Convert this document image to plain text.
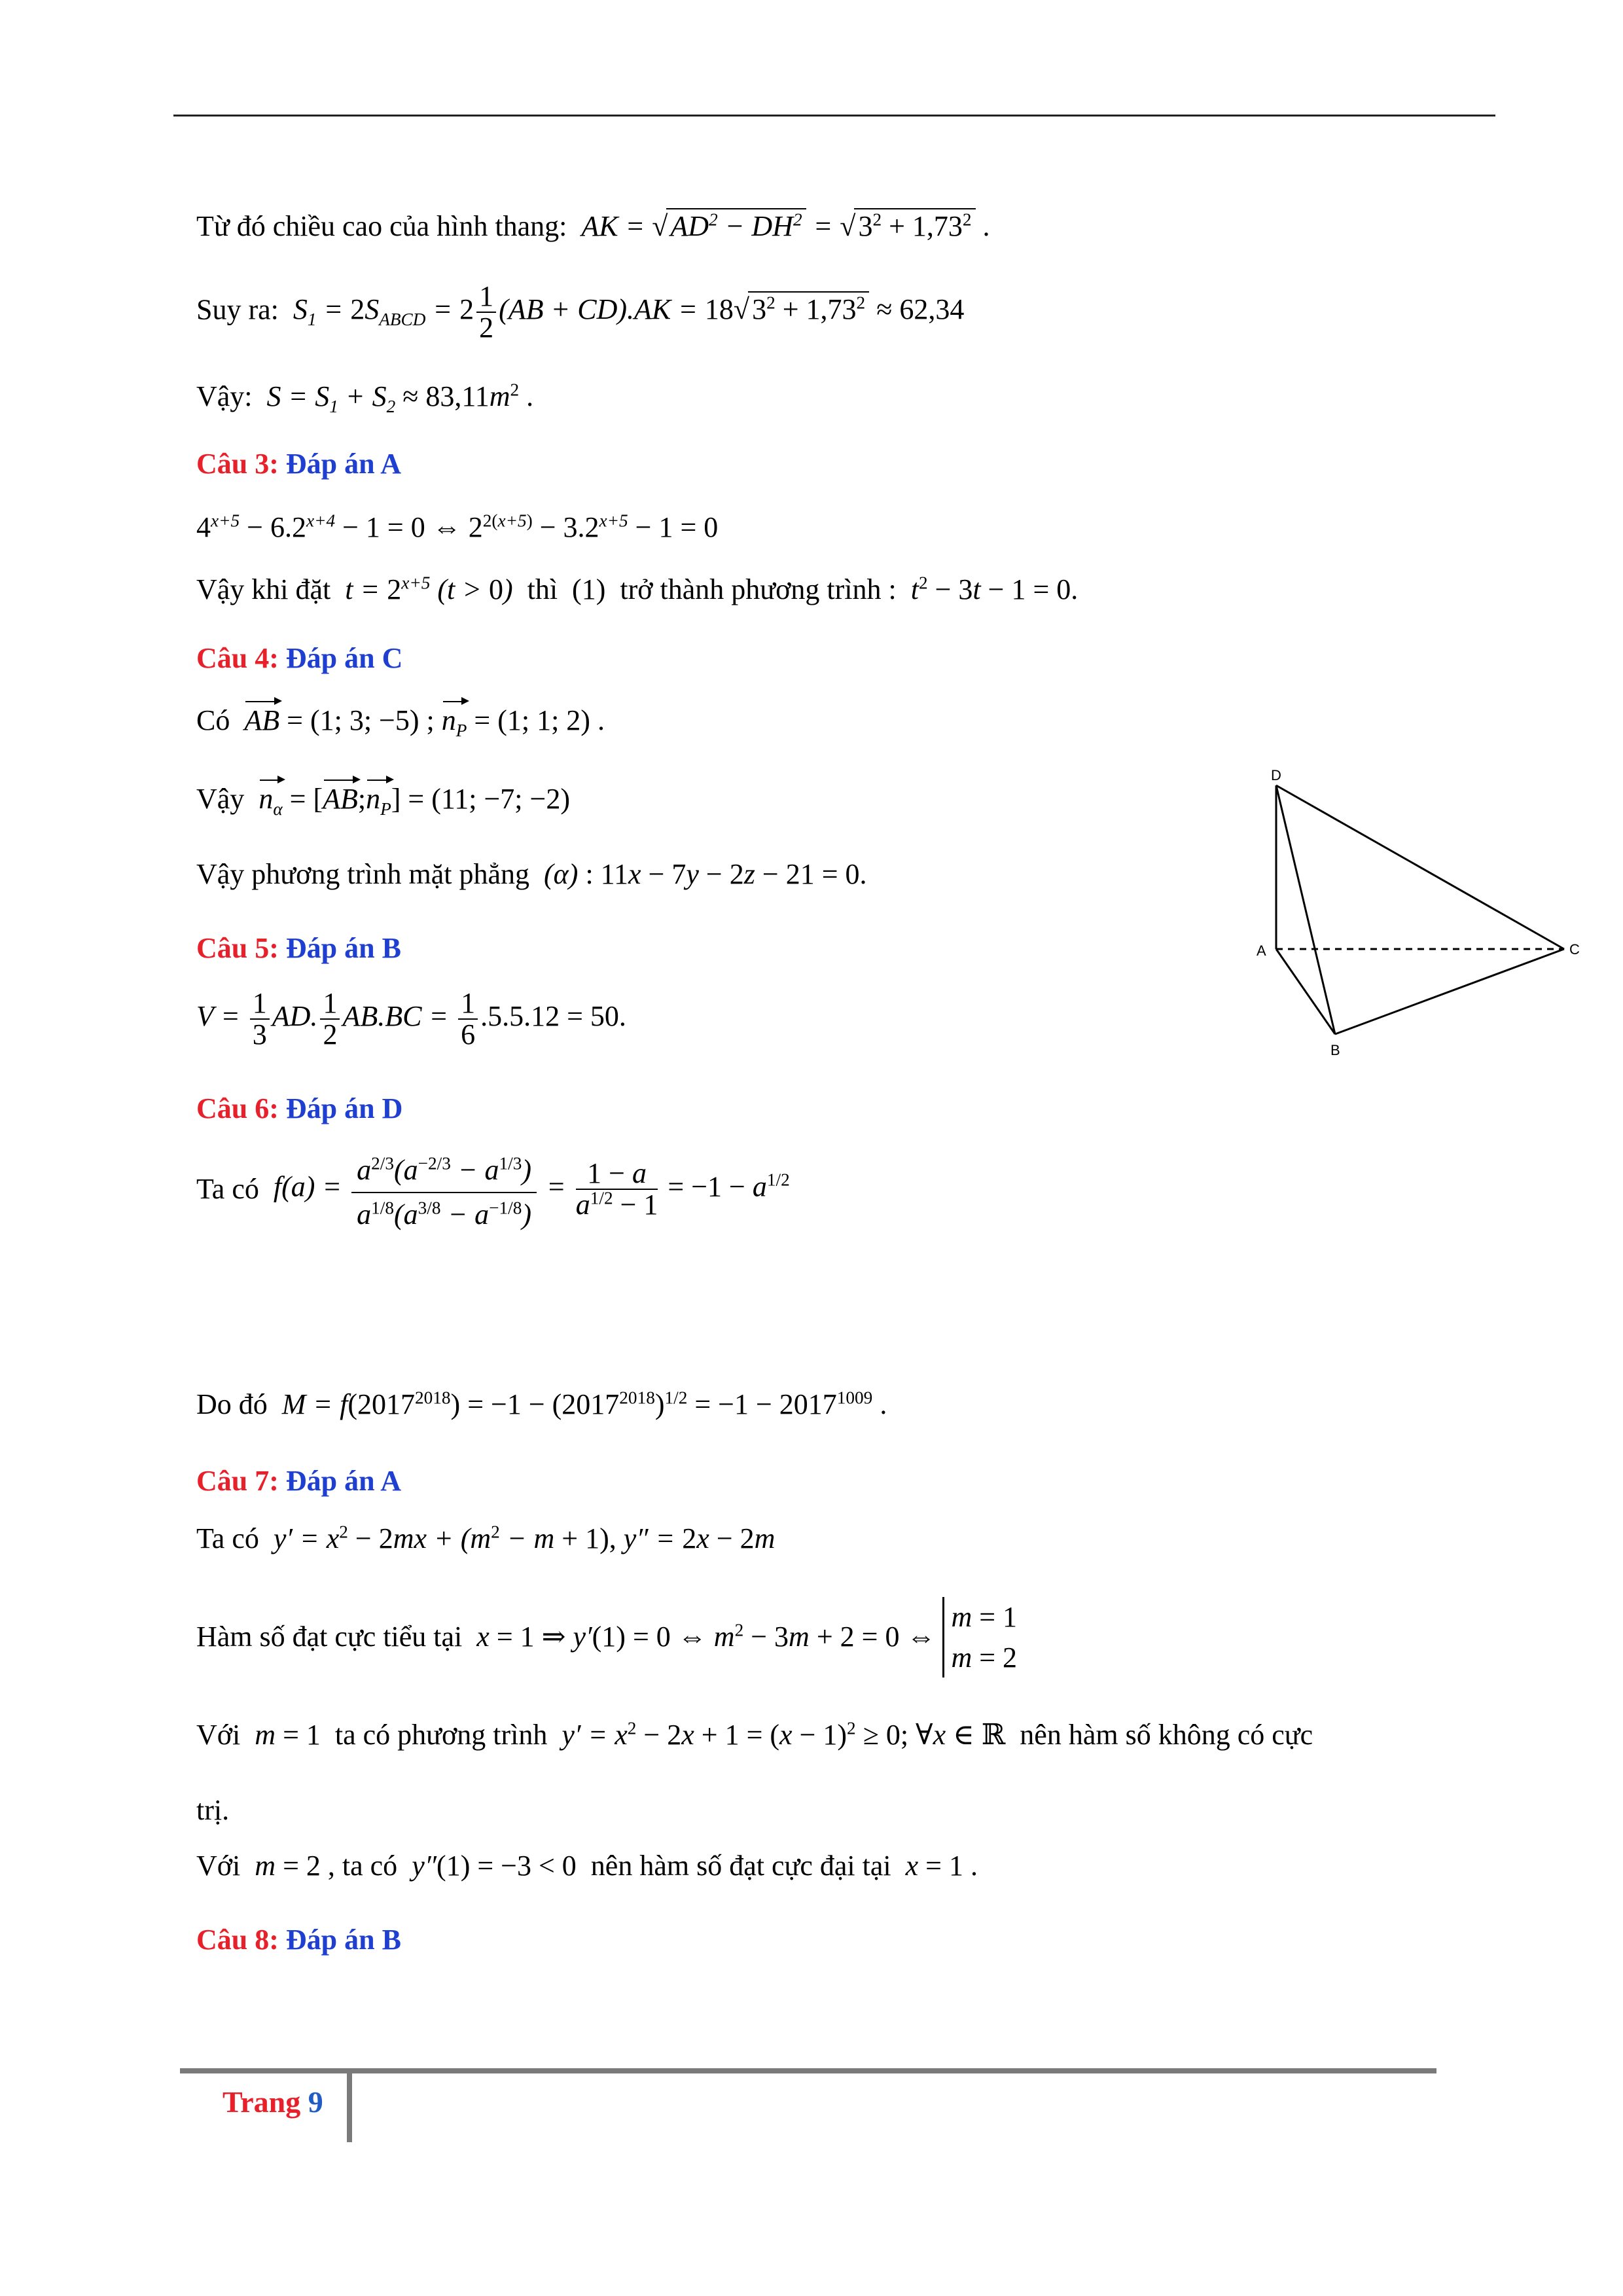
Từ đó chiều cao của hình thang:  AK = $√AD^2 - DH^2 = √3^2 + 1,73^2$ .
Suy ra:  $S_1 = 2S_{ABCD} = 2 \frac{1}{2} (AB + CD).AK = 18√3^2 + 1,73^2 \approx 62,34$
Vậy:  $S = S_1 + S_2 \approx 83,11m^2$ .
Câu 3: Đáp án A
$4^{x+5} - 6.2^{x+4} - 1 = 0$ ⇔ $2^{2(x+5)} - 3.2^{x+5} - 1 = 0$
Vậy khi đặt  $t = 2^{x+5}$ (t > 0)  thì  (1)  trở thành phương trình :  $t^2 - 3t - 1 = 0$.
Câu 4: Đáp án C
Có AB = (1; 3; −5) ; $n_P = (1$; 1; 2) .
Vậy $n_\alpha$ = $[AB;n_P] = (11$; −7; −2)
Vậy phương trình mặt phẳng  (α) : 11x − 7y − 2z − 21 = 0.
Câu 5: Đáp án B
$V = \frac{1}{3}$ AD. $\frac{1}{2} AB.BC = \frac{1}{6} .5.5.12 = 50$.
Câu 6: Đáp án D
Ta có  $f(a) = \frac{a^{2/3}(a^{-2/3} - a^{1/3})}{a^{1/8}(a^{3/8} - a^{-1/8})} = \frac{1 - a}{a^{1/2} - 1} = -1 - a^{1/2}$
Do đó  $M = f(2017^{2018}) = -1 - (2017^{2018})^{1/2} = -1 - 2017^{1009}$ .
Câu 7: Đáp án A
Ta có  $y' = x^2 - 2mx + (m^2 - m + 1)$, y″ = 2x − 2m
Hàm số đạt cực tiểu tại  x = 1 ⇒ y′(1) = 0 ⇔ $m^2 - 3m + 2 = 0$ ⇔
m = 1
m = 2
Với  m = 1 ta có phương trình  $y' = x^2 - 2x + 1 = (x - 1)^2 \ge 0$; ∀x ∈ ℝ nên hàm số không có cực
trị.
Với  m = 2 , ta có  y″(1) = −3 < 0 nên hàm số đạt cực đại tại  x = 1 .
Câu 8: Đáp án B
D
A	C
B
Trang 9
